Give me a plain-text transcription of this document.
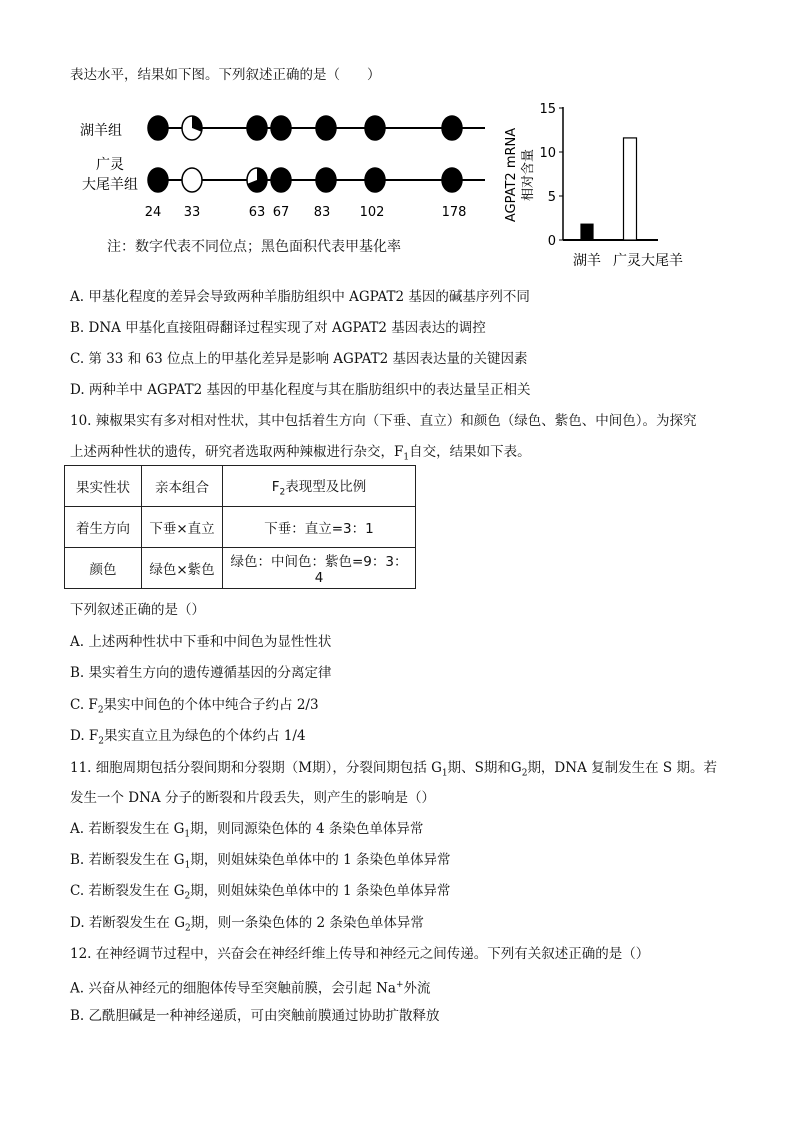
表达水平，结果如下图。下列叙述正确的是（　　）
湖羊组
广灵
大尾羊组
24 33	63 67 83 102	178
注：数字代表不同位点；黑色面积代表甲基化率
AGPAT2 mRNA 相对含量
15
10
5
0
湖羊 广灵大尾羊
A. 甲基化程度的差异会导致两种羊脂肪组织中 AGPAT2 基因的碱基序列不同
B. DNA 甲基化直接阻碍翻译过程实现了对 AGPAT2 基因表达的调控
C. 第 33 和 63 位点上的甲基化差异是影响 AGPAT2 基因表达量的关键因素
D. 两种羊中 AGPAT2 基因的甲基化程度与其在脂肪组织中的表达量呈正相关
10. 辣椒果实有多对相对性状，其中包括着生方向（下垂、直立）和颜色（绿色、紫色、中间色）。为探究
上述两种性状的遗传，研究者选取两种辣椒进行杂交，$F_1$自交，结果如下表。
果实性状	亲本组合	$F_2$表现型及比例
着生方向	下垂×直立	下垂：直立=3：1
颜色	绿色×紫色	绿色：中间色：紫色=9：3：4
下列叙述正确的是（）
A. 上述两种性状中下垂和中间色为显性性状
B. 果实着生方向的遗传遵循基因的分离定律
C. $F_2$果实中间色的个体中纯合子约占 2/3
D. $F_2$果实直立且为绿色的个体约占 1/4
11. 细胞周期包括分裂间期和分裂期（M期），分裂间期包括 $G_1$期、S期和$G_2$期，DNA 复制发生在 S 期。若
发生一个 DNA 分子的断裂和片段丢失，则产生的影响是（）
A. 若断裂发生在 $G_1$期，则同源染色体的 4 条染色单体异常
B. 若断裂发生在 $G_1$期，则姐妹染色单体中的 1 条染色单体异常
C. 若断裂发生在 $G_2$期，则姐妹染色单体中的 1 条染色单体异常
D. 若断裂发生在 $G_2$期，则一条染色体的 2 条染色单体异常
12. 在神经调节过程中，兴奋会在神经纤维上传导和神经元之间传递。下列有关叙述正确的是（）
A. 兴奋从神经元的细胞体传导至突触前膜，会引起 Na+外流
B. 乙酰胆碱是一种神经递质，可由突触前膜通过协助扩散释放
